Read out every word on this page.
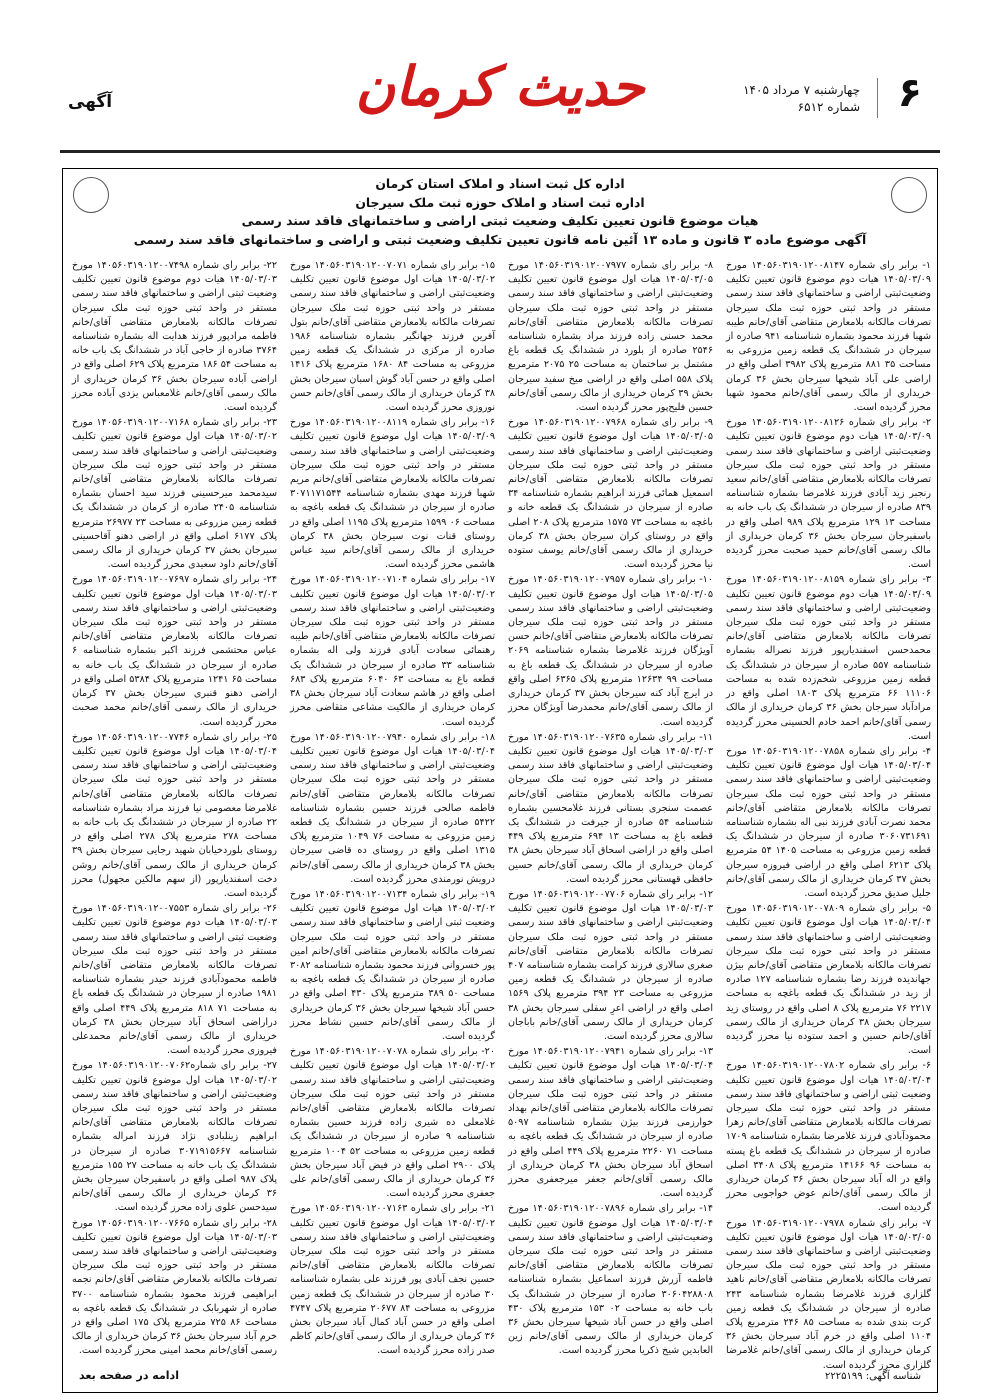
۶
چهارشنبه ۷ مرداد ۱۴۰۵
شماره ۶۵۱۲
حدیث کرمان
آگهی
اداره کل ثبت اسناد و املاک استان کرمان
اداره ثبت اسناد و املاک حوزه ثبت ملک سیرجان
هیات موضوع قانون تعیین تکلیف وضعیت ثبتی اراضی و ساختمانهای فاقد سند رسمی
آگهی موضوع ماده ۳ قانون و ماده ۱۳ آئین نامه قانون تعیین تکلیف وضعیت ثبتی و اراضی و ساختمانهای فاقد سند رسمی

۱- برابر رای شماره ۱۴۰۵۶۰۳۱۹۰۱۲۰۰۸۱۴۷ مورخ ۱۴۰۵/۰۳/۰۹ هیات دوم موضوع قانون تعیین تکلیف وضعیت‌ثبتی اراضی و ساختمانهای فاقد سند رسمی مستقر در واحد ثبتی حوزه ثبت ملک سیرجان تصرفات مالکانه بلامعارض متقاضی آقای/خانم طیبه شهبا فرزند محمود بشماره شناسنامه ۹۴۱ صادره از سیرجان در ششدانگ یک قطعه زمین مزروعی به مساحت ۳۵ ۸۸۱ مترمربع پلاک ۳۹۸۲ اصلی واقع در اراضی علی آباد شیخها سیرجان بخش ۳۶ کرمان خریداری از مالک رسمی آقای/خانم محمود شهبا محرز گردیده است.

۲- برابر رای شماره ۱۴۰۵۶۰۳۱۹۰۱۲۰۰۸۱۲۶ مورخ ۱۴۰۵/۰۳/۰۹ هیات دوم موضوع قانون تعیین تکلیف وضعیت‌ثبتی اراضی و ساختمانهای فاقد سند رسمی مستقر در واحد ثبتی حوزه ثبت ملک سیرجان تصرفات مالکانه بلامعارض متقاضی آقای/خانم سعید رنجبر زید آبادی فرزند غلامرضا بشماره شناسنامه ۸۳۹ صادره از سیرجان در ششدانگ یک باب خانه به مساحت ۱۳ ۱۲۹ مترمربع پلاک ۹۸۹ اصلی واقع در باسفیرجان سیرجان بخش ۳۶ کرمان خریداری از مالک رسمی آقای/خانم حمید صحبت محرز گردیده است.

۳- برابر رای شماره ۱۴۰۵۶۰۳۱۹۰۱۲۰۰۸۱۵۹ مورخ ۱۴۰۵/۰۳/۰۹ هیات دوم موضوع قانون تعیین تکلیف وضعیت‌ثبتی اراضی و ساختمانهای فاقد سند رسمی مستقر در واحد ثبتی حوزه ثبت ملک سیرجان تصرفات مالکانه بلامعارض متقاضی آقای/خانم محمدحسن اسفندیارپور فرزند نصراله بشماره شناسنامه ۵۵۷ صادره از سیرجان در ششدانگ یک قطعه زمین مزروعی شخم‌زده شده به مساحت ۱۱۱۰۶ ۶۶ مترمربع پلاک ۱۸۰۳ اصلی واقع در مرادآباد سیرجان بخش ۳۶ کرمان خریداری از مالک رسمی آقای/خانم احمد خادم الحسینی محرز گردیده است.

۴- برابر رای شماره ۱۴۰۵۶۰۳۱۹۰۱۲۰۰۷۸۵۸ مورخ ۱۴۰۵/۰۳/۰۴ هیات اول موضوع قانون تعیین تکلیف وضعیت‌ثبتی اراضی و ساختمانهای فاقد سند رسمی مستقر در واحد ثبتی حوزه ثبت ملک سیرجان تصرفات مالکانه بلامعارض متقاضی آقای/خانم محمد نصرت آبادی فرزند نبی اله بشماره شناسنامه ۳۰۶۰۷۳۱۶۹۱ صادره از سیرجان در ششدانگ یک قطعه زمین مزروعی به مساحت ۱۴۰۵ ۵۴ مترمربع پلاک ۶۲۱۳ اصلی واقع در اراضی فیروزه سیرجان بخش ۳۷ کرمان خریداری از مالک رسمی آقای/خانم جلیل صدیق محرز گردیده است.

۵- برابر رای شماره ۱۴۰۵۶۰۳۱۹۰۱۲۰۰۷۸۰۹ مورخ ۱۴۰۵/۰۳/۰۴ هیات اول موضوع قانون تعیین تکلیف وضعیت‌ثبتی اراضی و ساختمانهای فاقد سند رسمی مستقر در واحد ثبتی حوزه ثبت ملک سیرجان تصرفات مالکانه بلامعارض متقاضی آقای/خانم بیژن جهاندیده فرزند رضا بشماره شناسنامه ۱۲۷ صادره از زید در ششدانگ یک قطعه باغچه به مساحت ۲۲۱۷ ۷۶ مترمربع پلاک ۸ اصلی واقع در روستای زید سیرجان بخش ۳۸ کرمان خریداری از مالک رسمی آقای/خانم حسین و احمد ستوده نیا محرز گردیده است.

۶- برابر رای شماره ۱۴۰۵۶۰۳۱۹۰۱۲۰۰۷۸۰۲ مورخ ۱۴۰۵/۰۳/۰۴ هیات اول موضوع قانون تعیین تکلیف وضعیت ثبتی اراضی و ساختمانهای فاقد سند رسمی مستقر در واحد ثبتی حوزه ثبت ملک سیرجان تصرفات مالکانه بلامعارض متقاضی آقای/خانم زهرا محمودآبادی فرزند غلامرضا بشماره شناسنامه ۱۷۰۹ صادره از سیرجان در ششدانگ یک قطعه باغ پسته به مساحت ۹۶ ۱۴۱۶۶ مترمربع پلاک ۳۴۰۸ اصلی واقع در اله آباد سیرجان بخش ۳۶ کرمان خریداری از مالک رسمی آقای/خانم عوض خواجویی محرز گردیده است.

۷- برابر رای شماره ۱۴۰۵۶۰۳۱۹۰۱۲۰۰۷۹۷۸ مورخ ۱۴۰۵/۰۳/۰۵ هیات اول موضوع قانون تعیین تکلیف وضعیت‌ثبتی اراضی و ساختمانهای فاقد سند رسمی مستقر در واحد ثبتی حوزه ثبت ملک سیرجان تصرفات مالکانه بلامعارض متقاضی آقای/خانم ناهید گلزاری فرزند غلامرضا بشماره شناسنامه ۲۴۳ صادره از سیرجان در ششدانگ یک قطعه زمین کرت بندی شده به مساحت ۸۵ ۲۴۶ مترمربع پلاک ۱۱۰۴ اصلی واقع در خرم آباد سیرجان بخش ۳۶ کرمان خریداری از مالک رسمی آقای/خانم غلامرضا گلزاری محرز گردیده است.

۸- برابر رای شماره ۱۴۰۵۶۰۳۱۹۰۱۲۰۰۷۹۷۷ مورخ ۱۴۰۵/۰۳/۰۵ هیات اول موضوع قانون تعیین تکلیف وضعیت‌ثبتی اراضی و ساختمانهای فاقد سند رسمی مستقر در واحد ثبتی حوزه ثبت ملک سیرجان تصرفات مالکانه بلامعارض متقاضی آقای/خانم محمد حسنی زاده فرزند مراد بشماره شناسنامه ۲۵۴۶ صادره از بلورد در ششدانگ یک قطعه باغ مشتمل بر ساختمان به مساحت ۲۵ ۲۰۷۵ مترمربع پلاک ۵۵۸ اصلی واقع در اراضی میخ سفید سیرجان بخش ۳۹ کرمان خریداری از مالک رسمی آقای/خانم حسین فلیح‌پور محرز گردیده است.

۹- برابر رای شماره ۱۴۰۵۶۰۳۱۹۰۱۲۰۰۷۹۶۸ مورخ ۱۴۰۵/۰۳/۰۵ هیات اول موضوع قانون تعیین تکلیف وضعیت‌ثبتی اراضی و ساختمانهای فاقد سند رسمی مستقر در واحد ثبتی حوزه ثبت ملک سیرجان تصرفات مالکانه بلامعارض متقاضی آقای/خانم اسمعیل همائی فرزند ابراهیم بشماره شناسنامه ۳۴ صادره از سیرجان در ششدانگ یک قطعه خانه و باغچه به مساحت ۷۳ ۱۵۷۵ مترمربع پلاک ۲۰۸ اصلی واقع در روستای کران سیرجان بخش ۳۸ کرمان خریداری از مالک رسمی آقای/خانم یوسف ستوده نیا محرز گردیده است.

۱۰- برابر رای شماره ۱۴۰۵۶۰۳۱۹۰۱۲۰۰۷۹۵۷ مورخ ۱۴۰۵/۰۳/۰۵ هیات اول موضوع قانون تعیین تکلیف وضعیت‌ثبتی اراضی و ساختمانهای فاقد سند رسمی مستقر در واحد ثبتی حوزه ثبت ملک سیرجان تصرفات مالکانه بلامعارض متقاضی آقای/خانم حسن آویژگان فرزند غلامرضا بشماره شناسنامه ۲۰۶۹ صادره از سیرجان در ششدانگ یک قطعه باغ به مساحت ۹۹ ۱۲۶۳۴ مترمربع پلاک ۶۳۶۵ اصلی واقع در ایرج آباد کنه سیرجان بخش ۳۷ کرمان خریداری از مالک رسمی آقای/خانم محمدرضا آویژگان محرز گردیده است.

۱۱- برابر رای شماره ۱۴۰۵۶۰۳۱۹۰۱۲۰۰۷۶۳۵ مورخ ۱۴۰۵/۰۳/۰۳ هیات اول موضوع قانون تعیین تکلیف وضعیت‌ثبتی اراضی و ساختمانهای فاقد سند رسمی مستقر در واحد ثبتی حوزه ثبت ملک سیرجان تصرفات مالکانه بلامعارض متقاضی آقای/خانم عصمت سنجری بستانی فرزند غلامحسین بشماره شناسنامه ۵۴ صادره از جیرفت در ششدانگ یک قطعه باغ به مساحت ۱۳ ۶۹۴ مترمربع پلاک ۴۴۹ اصلی واقع در اراضی اسحاق آباد سیرجان بخش ۳۸ کرمان خریداری از مالک رسمی آقای/خانم حسین حافظی قهستانی محرز گردیده است.

۱۲- برابر رای شماره ۱۴۰۵۶۰۳۱۹۰۱۲۰۰۷۷۰۶ مورخ ۱۴۰۵/۰۳/۰۳ هیات اول موضوع قانون تعیین تکلیف وضعیت‌ثبتی اراضی و ساختمانهای فاقد سند رسمی مستقر در واحد ثبتی حوزه ثبت ملک سیرجان تصرفات مالکانه بلامعارض متقاضی آقای/خانم صغری سالاری فرزند کرامت بشماره شناسنامه ۴۰۷ صادره از سیرجان در ششدانگ یک قطعه زمین مزروعی به مساحت ۲۳ ۳۹۴ مترمربع پلاک ۱۵۶۹ اصلی واقع در اراضی اعرِ سفلی سیرجان بخش ۳۸ کرمان خریداری از مالک رسمی آقای/خانم باباجان سالاری محرز گردیده است.

۱۳- برابر رای شماره ۱۴۰۵۶۰۳۱۹۰۱۲۰۰۷۹۴۱ مورخ ۱۴۰۵/۰۳/۰۴ هیات اول موضوع قانون تعیین تکلیف وضعیت‌ثبتی اراضی و ساختمانهای فاقد سند رسمی مستقر در واحد ثبتی حوزه ثبت ملک سیرجان تصرفات مالکانه بلامعارض متقاضی آقای/خانم بهداد خوارزمی فرزند بیژن بشماره شناسنامه ۵۰۹۷ صادره از سیرجان در ششدانگ یک قطعه باغچه به مساحت ۷۱ ۲۲۶۰ مترمربع پلاک ۴۴۹ اصلی واقع در اسحاق آباد سیرجان بخش ۳۸ کرمان خریداری از مالک رسمی آقای/خانم جعفر میرجعفری محرز گردیده است.

۱۴- برابر رای شماره ۱۴۰۵۶۰۳۱۹۰۱۲۰۰۷۸۹۶ مورخ ۱۴۰۵/۰۳/۰۴ هیات اول موضوع قانون تعیین تکلیف وضعیت‌ثبتی اراضی و ساختمانهای فاقد سند رسمی مستقر در واحد ثبتی حوزه ثبت ملک سیرجان تصرفات مالکانه بلامعارض متقاضی آقای/خانم فاطمه آزرش فرزند اسماعیل بشماره شناسنامه ۳۰۶۰۴۲۸۸۰۸ صادره از سیرجان در ششدانگ یک باب خانه به مساحت ۰۲ ۱۵۳ مترمربع پلاک ۴۳۰ اصلی واقع در حسن آباد شیخها سیرجان بخش ۳۶ کرمان خریداری از مالک رسمی آقای/خانم زین العابدین شیخ ذکریا محرز گردیده است.

۱۵- برابر رای شماره ۱۴۰۵۶۰۳۱۹۰۱۲۰۰۷۰۷۱ مورخ ۱۴۰۵/۰۳/۰۲ هیات اول موضوع قانون تعیین تکلیف وضعیت‌ثبتی اراضی و ساختمانهای فاقد سند رسمی مستقر در واحد ثبتی حوزه ثبت ملک سیرجان تصرفات مالکانه بلامعارض متقاضی آقای/خانم بتول آفرین فرزند جهانگیر بشماره شناسنامه ۱۹۸۶ صادره از مرکزی در ششدانگ یک قطعه زمین مزروعی به مساحت ۸۴ ۱۶۸۰ مترمربع پلاک ۱۴۱۶ اصلی واقع در حسن آباد گوش اسبان سیرجان بخش ۳۸ کرمان خریداری از مالک رسمی آقای/خانم حسن نوروزی محرز گردیده است.

۱۶- برابر رای شماره ۱۴۰۵۶۰۳۱۹۰۱۲۰۰۸۱۱۹ مورخ ۱۴۰۵/۰۳/۰۹ هیات اول موضوع قانون تعیین تکلیف وضعیت‌ثبتی اراضی و ساختمانهای فاقد سند رسمی مستقر در واحد ثبتی حوزه ثبت ملک سیرجان تصرفات مالکانه بلامعارض متقاضی آقای/خانم مریم شهبا فرزند مهدی بشماره شناسنامه ۳۰۷۱۱۷۱۵۴۴ صادره از سیرجان در ششدانگ یک قطعه باغچه به مساحت ۰۶ ۱۵۹۹ مترمربع پلاک ۱۱۹۵ اصلی واقع در روستای قنات نوت سیرجان بخش ۳۸ کرمان خریداری از مالک رسمی آقای/خانم سید عباس هاشمی محرز گردیده است.

۱۷- برابر رای شماره ۱۴۰۵۶۰۳۱۹۰۱۲۰۰۷۱۰۴ مورخ ۱۴۰۵/۰۳/۰۲ هیات اول موضوع قانون تعیین تکلیف وضعیت‌ثبتی اراضی و ساختمانهای فاقد سند رسمی مستقر در واحد ثبتی حوزه ثبت ملک سیرجان تصرفات مالکانه بلامعارض متقاضی آقای/خانم طیبه رهنمائی سعادت آبادی فرزند ولی اله بشماره شناسنامه ۳۳ صادره از سیرجان در ششدانگ یک قطعه باغ به مساحت ۶۳ ۶۰۴۰ مترمربع پلاک ۶۸۳ اصلی واقع در هاشم سعادت آباد سیرجان بخش ۳۸ کرمان خریداری از مالکیت مشاعی متقاضی محرز گردیده است.

۱۸- برابر رای شماره ۱۴۰۵۶۰۳۱۹۰۱۲۰۰۷۹۴۰ مورخ ۱۴۰۵/۰۳/۰۴ هیات اول موضوع قانون تعیین تکلیف وضعیت‌ثبتی اراضی و ساختمانهای فاقد سند رسمی مستقر در واحد ثبتی حوزه ثبت ملک سیرجان تصرفات مالکانه بلامعارض متقاضی آقای/خانم فاطمه صالحی فرزند حسین بشماره شناسنامه ۵۴۲۲ صادره از سیرجان در ششدانگ یک قطعه زمین مزروعی به مساحت ۷۶ ۱۰۴۹ مترمربع پلاک ۱۳۱۵ اصلی واقع در روستای ده قاضی سیرجان بخش ۳۸ کرمان خریداری از مالک رسمی آقای/خانم درویش نورمندی محرز گردیده است.

۱۹- برابر رای شماره ۱۴۰۵۶۰۳۱۹۰۱۲۰۰۷۱۳۴ مورخ ۱۴۰۵/۰۳/۰۲ هیات اول موضوع قانون تعیین تکلیف وضعیت ثبتی اراضی و ساختمانهای فاقد سند رسمی مستقر در واحد ثبتی حوزه ثبت ملک سیرجان تصرفات مالکانه بلامعارض متقاضی آقای/خانم امین پور خسروانی فرزند محمود بشماره شناسنامه ۳۰۸۲ صادره از سیرجان در ششدانگ یک قطعه باغچه به مساحت ۵۰ ۳۸۹ مترمربع پلاک ۴۳۰ اصلی واقع در حسن آباد شیخها سیرجان بخش ۳۶ کرمان خریداری از مالک رسمی آقای/خانم حسین نشاط محرز گردیده است.

۲۰- برابر رای شماره ۱۴۰۵۶۰۳۱۹۰۱۲۰۰۷۰۷۸ مورخ ۱۴۰۵/۰۳/۰۲ هیات اول موضوع قانون تعیین تکلیف وضعیت‌ثبتی اراضی و ساختمانهای فاقد سند رسمی مستقر در واحد ثبتی حوزه ثبت ملک سیرجان تصرفات مالکانه بلامعارض متقاضی آقای/خانم غلامعلی ده شیری زاده فرزند حسین بشماره شناسنامه ۹ صادره از سیرجان در ششدانگ یک قطعه زمین مزروعی به مساحت ۵۲ ۱۰۰۴ مترمربع پلاک ۲۹۰۰ اصلی واقع در فیض آباد سیرجان بخش ۳۶ کرمان خریداری از مالک رسمی آقای/خانم علی جعفری محرز گردیده است.

۲۱- برابر رای شماره ۱۴۰۵۶۰۳۱۹۰۱۲۰۰۷۱۶۳ مورخ ۱۴۰۵/۰۳/۰۲ هیات اول موضوع قانون تعیین تکلیف وضعیت‌ثبتی اراضی و ساختمانهای فاقد سند رسمی مستقر در واحد ثبتی حوزه ثبت ملک سیرجان تصرفات مالکانه بلامعارض متقاضی آقای/خانم حسین نجف آبادی پور فرزند علی بشماره شناسنامه ۳۰ صادره از سیرجان در ششدانگ یک قطعه زمین مزروعی به مساحت ۸۴ ۲۰۶۷۷ مترمربع پلاک ۴۷۴۷ اصلی واقع در حسن آباد کمال آباد سیرجان بخش ۳۶ کرمان خریداری از مالک رسمی آقای/خانم کاظم صدر زاده محرز گردیده است.

۲۲- برابر رای شماره ۱۴۰۵۶۰۳۱۹۰۱۲۰۰۷۴۹۸ مورخ ۱۴۰۵/۰۳/۰۳ هیات دوم موضوع قانون تعیین تکلیف وضعیت ثبتی اراضی و ساختمانهای فاقد سند رسمی مستقر در واحد ثبتی حوزه ثبت ملک سیرجان تصرفات مالکانه بلامعارض متقاضی آقای/خانم فاطمه مرادپور فرزند هدایت اله بشماره شناسنامه ۳۷۶۴ صادره از حاجی آباد در ششدانگ یک باب خانه به مساحت ۵۴ ۱۸۶ مترمربع پلاک ۶۲۹ اصلی واقع در اراضی آباده سیرجان بخش ۳۶ کرمان خریداری از مالک رسمی آقای/خانم غلامعباس یزدی آباده محرز گردیده است.

۲۳- برابر رای شماره ۱۴۰۵۶۰۳۱۹۰۱۲۰۰۷۱۶۸ مورخ ۱۴۰۵/۰۳/۰۲ هیات اول موضوع قانون تعیین تکلیف وضعیت‌ثبتی اراضی و ساختمانهای فاقد سند رسمی مستقر در واحد ثبتی حوزه ثبت ملک سیرجان تصرفات مالکانه بلامعارض متقاضی آقای/خانم سیدمحمد میرحسینی فرزند سید احسان بشماره شناسنامه ۲۴۰۵ صادره از کرمان در ششدانگ یک قطعه زمین مزروعی به مساحت ۲۳ ۲۶۹۷۷ مترمربع پلاک ۶۱۷۷ اصلی واقع در اراضی دهنو آقاحسینی سیرجان بخش ۳۷ کرمان خریداری از مالک رسمی آقای/خانم داود سعیدی محرز گردیده است.

۲۴- برابر رای شماره ۱۴۰۵۶۰۳۱۹۰۱۲۰۰۷۶۹۷ مورخ ۱۴۰۵/۰۳/۰۳ هیات اول موضوع قانون تعیین تکلیف وضعیت‌ثبتی اراضی و ساختمانهای فاقد سند رسمی مستقر در واحد ثبتی حوزه ثبت ملک سیرجان تصرفات مالکانه بلامعارض متقاضی آقای/خانم عباس محتشمی فرزند اکبر بشماره شناسنامه ۶ صادره از سیرجان در ششدانگ یک باب خانه به مساحت ۶۵ ۱۲۴۱ مترمربع پلاک ۵۳۸۴ اصلی واقع در اراضی دهنو قنبری سیرجان بخش ۳۷ کرمان خریداری از مالک رسمی آقای/خانم محمد صحبت محرز گردیده است.

۲۵- برابر رای شماره ۱۴۰۵۶۰۳۱۹۰۱۲۰۰۷۷۴۶ مورخ ۱۴۰۵/۰۳/۰۴ هیات اول موضوع قانون تعیین تکلیف وضعیت‌ثبتی اراضی و ساختمانهای فاقد سند رسمی مستقر در واحد ثبتی حوزه ثبت ملک سیرجان تصرفات مالکانه بلامعارض متقاضی آقای/خانم غلامرضا معصومی نیا فرزند مراد بشماره شناسنامه ۲۲ صادره از سیرجان در ششدانگ یک باب خانه به مساحت ۲۷۸ مترمربع پلاک ۲۷۸ اصلی واقع در روستای بلوردخیابان شهید رجایی سیرجان بخش ۳۹ کرمان خریداری از مالک رسمی آقای/خانم روشن دخت اسفندیارپور (از سهم مالکین مجهول) محرز گردیده است.

۲۶- برابر رای شماره ۱۴۰۵۶۰۳۱۹۰۱۲۰۰۷۵۵۳ مورخ ۱۴۰۵/۰۳/۰۳ هیات دوم موضوع قانون تعیین تکلیف وضعیت ثبتی اراضی و ساختمانهای فاقد سند رسمی مستقر در واحد ثبتی حوزه ثبت ملک سیرجان تصرفات مالکانه بلامعارض متقاضی آقای/خانم فاطمه محمودآبادی فرزند حیدر بشماره شناسنامه ۱۹۸۱ صادره از سیرجان در ششدانگ یک قطعه باغ به مساحت ۷۱ ۸۱۸ مترمربع پلاک ۴۴۹ اصلی واقع دراراضی اسحاق آباد سیرجان بخش ۳۸ کرمان خریداری از مالک رسمی آقای/خانم محمدعلی فیروزی محرز گردیده است.

۲۷- برابر رای شماره۱۴۰۵۶۰۳۱۹۰۱۲۰۰۷۰۶۲ مورخ ۱۴۰۵/۰۳/۰۲ هیات اول موضوع قانون تعیین تکلیف وضعیت‌ثبتی اراضی و ساختمانهای فاقد سند رسمی مستقر در واحد ثبتی حوزه ثبت ملک سیرجان تصرفات مالکانه بلامعارض متقاضی آقای/خانم ابراهیم زینلبادی نژاد فرزند امراله بشماره شناسنامه ۳۰۷۱۹۱۵۶۶۷ صادره از سیرجان در ششدانگ یک باب خانه به مساحت ۲۷ ۱۵۵ مترمربع پلاک ۹۸۷ اصلی واقع در باسفیرجان سیرجان بخش ۳۶ کرمان خریداری از مالک رسمی آقای/خانم سیدحسن علوی زاده محرز گردیده است.

۲۸- برابر رای شماره ۱۴۰۵۶۰۳۱۹۰۱۲۰۰۷۶۶۵ مورخ ۱۴۰۵/۰۳/۰۳ هیات اول موضوع قانون تعیین تکلیف وضعیت‌ثبتی اراضی و ساختمانهای فاقد سند رسمی مستقر در واحد ثبتی حوزه ثبت ملک سیرجان تصرفات مالکانه بلامعارض متقاضی آقای/خانم نجمه ابراهیمی فرزند محمود بشماره شناسنامه ۳۷۰۰ صادره از شهربابک در ششدانگ یک قطعه باغچه به مساحت ۸۶ ۷۲۵ مترمربع پلاک ۱۷۵ اصلی واقع در خرم آباد سیرجان بخش ۳۶ کرمان خریداری از مالک رسمی آقای/خانم محمد امینی محرز گردیده است.

ادامه در صفحه بعد	شناسه آگهی: ۲۲۲۵۱۹۹
